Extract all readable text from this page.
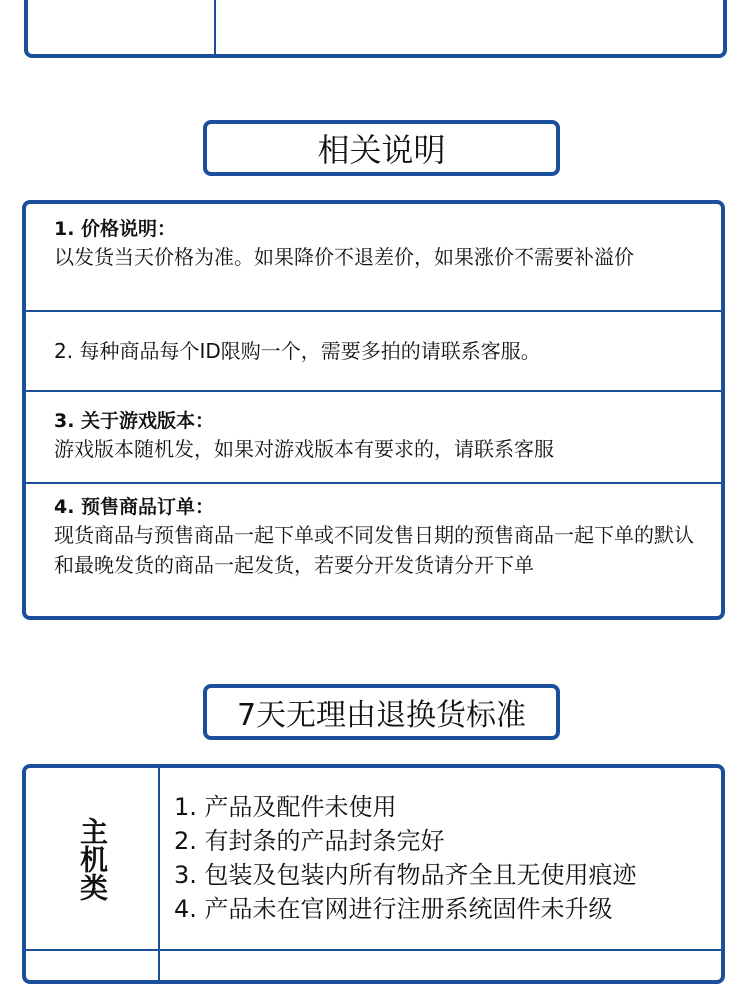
相关说明
1. 价格说明：
以发货当天价格为准。如果降价不退差价，如果涨价不需要补溢价
2. 每种商品每个ID限购一个，需要多拍的请联系客服。
3. 关于游戏版本：
游戏版本随机发，如果对游戏版本有要求的，请联系客服
4. 预售商品订单：
现货商品与预售商品一起下单或不同发售日期的预售商品一起下单的默认和最晚发货的商品一起发货，若要分开发货请分开下单
7天无理由退换货标准
主机类
1. 产品及配件未使用
2. 有封条的产品封条完好
3. 包装及包装内所有物品齐全且无使用痕迹
4. 产品未在官网进行注册系统固件未升级
